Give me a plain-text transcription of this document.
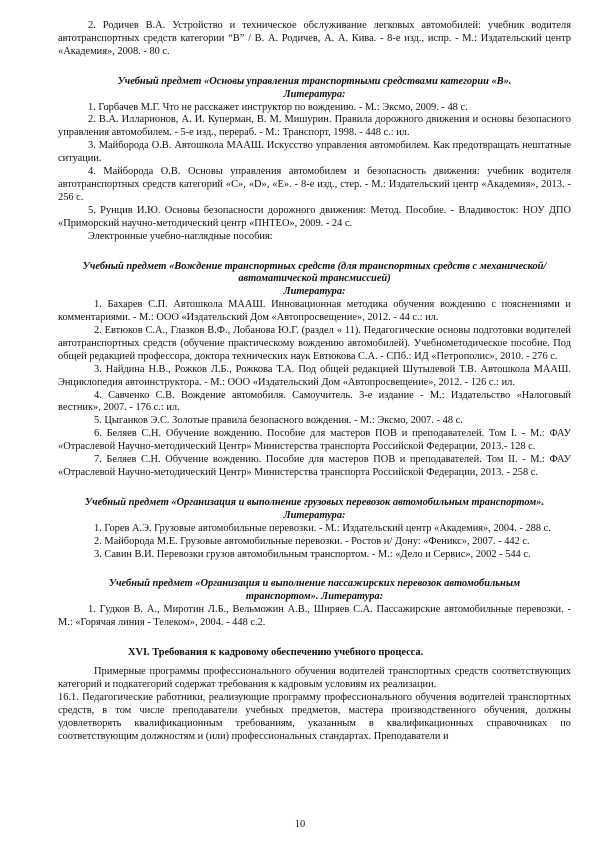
2. Родичев В.А. Устройство и техническое обслуживание легковых автомобилей: учебник водителя автотранспортных средств категории “B” / В. А. Родичев, А. А. Кива. - 8-е изд., испр. - М.: Издательский центр «Академия», 2008. - 80 с.

Учебный предмет «Основы управления транспортными средствами категории «B».

Литература:

1. Горбачев М.Г. Что не расскажет инструктор по вождению. - М.: Эксмо, 2009. - 48 с.

2. В.А. Илларионов, А. И. Куперман, В. М. Мишурин. Правила дорожного движения и основы безопасного управления автомобилем. - 5-е изд., перераб. - М.: Транспорт, 1998. - 448 с.: ил.

3. Майборода О.В. Автошкола МААШ. Искусство управления автомобилем. Как предотвращать нештатные ситуации.

4. Майборода О.В. Основы управления автомобилем и безопасность движения: учебник водителя автотранспортных средств категорий «С», «D», «Е». - 8-е изд., стер. - М.: Издательский центр «Академия», 2013. - 256 с.

5. Рунцив И.Ю. Основы безопасности дорожного движения: Метод. Пособие. - Владивосток: НОУ ДПО «Приморский научно-методический центр «ПНТЕО», 2009. - 24 с.

Электронные учебно-наглядные пособия:

Учебный предмет «Вождение транспортных средств (для транспортных средств с механической/ автоматической трансмиссией)

Литература:

1. Бахарев С.П. Автошкола МААШ. Инновационная методика обучения вождению с пояснениями и комментариями. - М.: ООО «Издательский Дом «Автопросвещение», 2012. - 44 с.: ил.

2. Евтюков С.А., Глазков В.Ф., Лобанова Ю.Г. (раздел « 11). Педагогические основы подготовки водителей автотранспортных средств (обучение практическому вождению автомобилей). Учебнометодическое пособие. Под общей редакцией профессора, доктора технических наук Евтюкова С.А. - СПб.: ИД «Петрополис», 2010. - 276 с.

3. Найдина Н.В., Рожков Л.Б., Рожкова Т.А. Под общей редакцией Шутылевой Т.В. Автошкола МААШ. Энциклопедия автоинструктора. - М.: ООО «Издательский Дом «Автопросвещение», 2012. - 126 с.: ил.

4. Савченко С.В. Вождение автомобиля. Самоучитель. 3-е издание - М.: Издательство «Налоговый вестник», 2007. - 176 с.: ил.

5. Цыганков Э.С. Золотые правила безопасного вождения. - М.: Эксмо, 2007. - 48 с.

6. Беляев С.Н. Обучение вождению. Пособие для мастеров ПОВ и преподавателей. Том I. - М.: ФАУ «Отраслевой Научно-методический Центр» Министерства транспорта Российской Федерации, 2013.- 128 с.

7. Беляев С.Н. Обучение вождению. Пособие для мастеров ПОВ и преподавателей. Том II. - М.: ФАУ «Отраслевой Научно-методический Центр» Министерства транспорта Российской Федерации, 2013. - 258 с.

Учебный предмет «Организация и выполнение грузовых перевозок автомобильным транспортом».

Литература:

1. Горев А.Э. Грузовые автомобильные перевозки. - М.: Издательский центр «Академия», 2004. - 288 с.

2. Майборода М.Е. Грузовые автомобильные перевозки. - Ростов н/ Дону: «Феникс», 2007. - 442 с.

3. Савин В.И. Перевозки грузов автомобильным транспортом. - М.: «Дело и Сервис», 2002 - 544 с.

Учебный предмет «Организация и выполнение пассажирских перевозок автомобильным транспортом». Литература:

1. Гудков В. А., Миротин Л.Б., Вельможин А.В., Ширяев С.А. Пассажирские автомобильные перевозки. - М.: «Горячая линия - Телеком», 2004. - 448 с.2.

XVI. Требования к кадровому обеспечению учебного процесса.

Примерные программы профессионального обучения водителей транспортных средств соответствующих категорий и подкатегорий содержат требования к кадровым условиям их реализации.

16.1. Педагогические работники, реализующие программу профессионального обучения водителей транспортных средств, в том числе преподаватели учебных предметов, мастера производственного обучения, должны удовлетворять квалификационным требованиям, указанным в квалификационных справочниках по соответствующим должностям и (или) профессиональных стандартах. Преподаватели и

10
